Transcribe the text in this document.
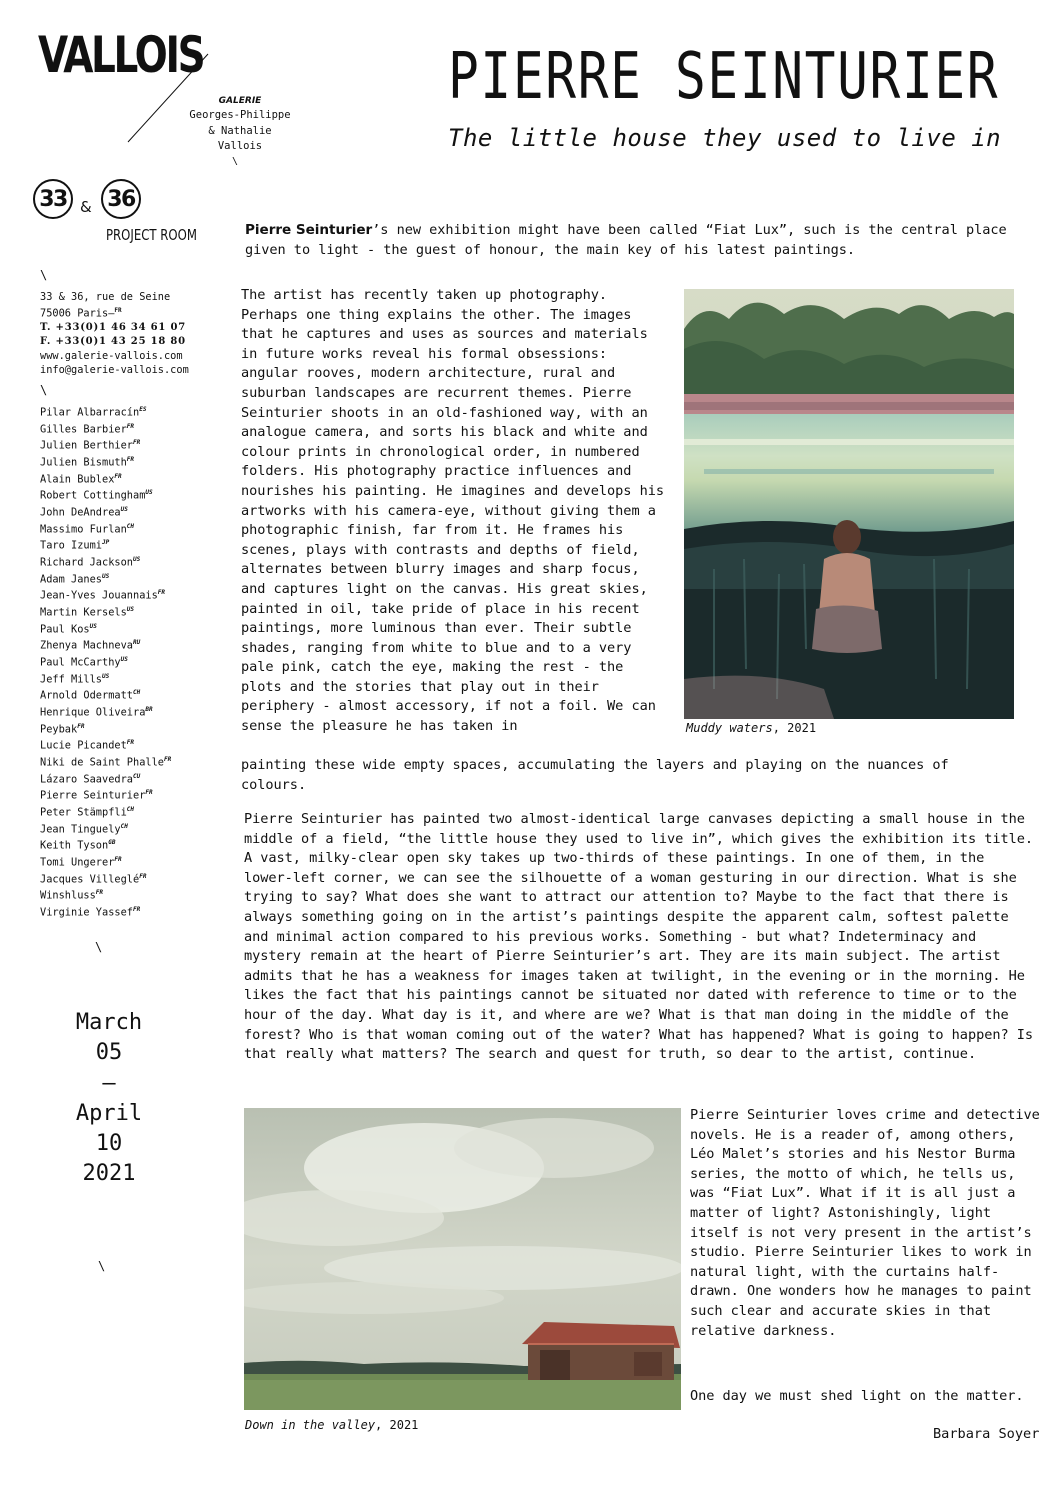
VALLOIS
GALERIE
Georges-Philippe
& Nathalie
Vallois
\
33 & 36
PROJECT ROOM
PIERRE SEINTURIER
The little house they used to live in
\
33 & 36, rue de Seine
75006 Paris—$^{FR}$
T. +33(0)1 46 34 61 07
F. +33(0)1 43 25 18 80
www.galerie-vallois.com
info@galerie-vallois.com
\
Pilar Albarracín$^{ES}$
Gilles Barbier$^{FR}$
Julien Berthier$^{FR}$
Julien Bismuth$^{FR}$
Alain Bublex$^{FR}$
Robert Cottingham$^{US}$
John DeAndrea$^{US}$
Massimo Furlan$^{CH}$
Taro Izumi$^{JP}$
Richard Jackson$^{US}$
Adam Janes$^{US}$
Jean-Yves Jouannais$^{FR}$
Martin Kersels$^{US}$
Paul Kos$^{US}$
Zhenya Machneva$^{RU}$
Paul McCarthy$^{US}$
Jeff Mills$^{US}$
Arnold Odermatt$^{CH}$
Henrique Oliveira$^{BR}$
Peybak$^{FR}$
Lucie Picandet$^{FR}$
Niki de Saint Phalle$^{FR}$
Lázaro Saavedra$^{CU}$
Pierre Seinturier$^{FR}$
Peter Stämpfli$^{CH}$
Jean Tinguely$^{CH}$
Keith Tyson$^{GB}$
Tomi Ungerer$^{FR}$
Jacques Villeglé$^{FR}$
Winshluss$^{FR}$
Virginie Yassef$^{FR}$
\
March
05
—
April
10
2021
\

Pierre Seinturier’s new exhibition might have been called “Fiat Lux”, such is the central place given to light - the guest of honour, the main key of his latest paintings.

The artist has recently taken up photography. Perhaps one thing explains the other. The images that he captures and uses as sources and materials in future works reveal his formal obsessions: angular rooves, modern architecture, rural and suburban landscapes are recurrent themes. Pierre Seinturier shoots in an old-fashioned way, with an analogue camera, and sorts his black and white and colour prints in chronological order, in numbered folders. His photography practice influences and nourishes his painting. He imagines and develops his artworks with his camera-eye, without giving them a photographic finish, far from it. He frames his scenes, plays with contrasts and depths of field, alternates between blurry images and sharp focus, and captures light on the canvas. His great skies, painted in oil, take pride of place in his recent paintings, more luminous than ever. Their subtle shades, ranging from white to blue and to a very pale pink, catch the eye, making the rest - the plots and the stories that play out in their periphery - almost accessory, if not a foil. We can sense the pleasure he has taken in

painting these wide empty spaces, accumulating the layers and playing on the nuances of colours.

Muddy waters, 2021

Pierre Seinturier has painted two almost-identical large canvases depicting a small house in the middle of a field, “the little house they used to live in”, which gives the exhibition its title. A vast, milky-clear open sky takes up two-thirds of these paintings. In one of them, in the lower-left corner, we can see the silhouette of a woman gesturing in our direction. What is she trying to say? What does she want to attract our attention to? Maybe to the fact that there is always something going on in the artist’s paintings despite the apparent calm, softest palette and minimal action compared to his previous works. Something - but what? Indeterminacy and mystery remain at the heart of Pierre Seinturier’s art. They are its main subject. The artist admits that he has a weakness for images taken at twilight, in the evening or in the morning. He likes the fact that his paintings cannot be situated nor dated with reference to time or to the hour of the day. What day is it, and where are we? What is that man doing in the middle of the forest? Who is that woman coming out of the water? What has happened? What is going to happen? Is that really what matters? The search and quest for truth, so dear to the artist, continue.

Down in the valley, 2021

Pierre Seinturier loves crime and detective novels. He is a reader of, among others, Léo Malet’s stories and his Nestor Burma series, the motto of which, he tells us, was “Fiat Lux”. What if it is all just a matter of light? Astonishingly, light itself is not very present in the artist’s studio. Pierre Seinturier likes to work in natural light, with the curtains half-drawn. One wonders how he manages to paint such clear and accurate skies in that relative darkness.

One day we must shed light on the matter.

Barbara Soyer
